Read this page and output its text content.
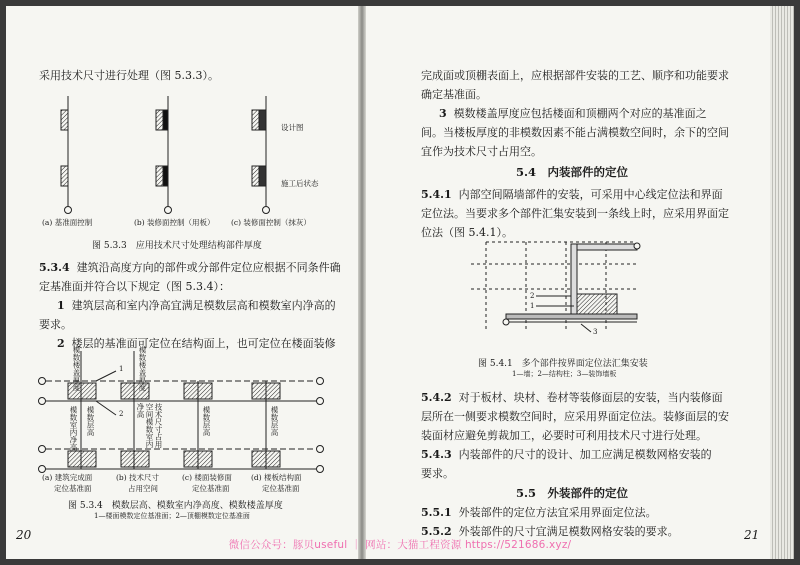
采用技术尺寸进行处理（图 5.3.3）。
设计图
施工后状态
(a) 基准面控制	(b) 装修面控制（用板） (c) 装修面控制（抹灰）
图 5.3.3　应用技术尺寸处理结构部件厚度
5.3.4 建筑沿高度方向的部件或分部件定位应根据不同条件确
定基准面并符合以下规定（图 5.3.4）：
1 建筑层高和室内净高宜满足模数层高和模数室内净高的
要求。
2 楼层的基准面可定位在结构面上，也可定位在楼面装修
模数楼盖厚度	模数楼盖厚度
模数室内净高 模数层高	技术尺寸占用空间模数室内净高	模数层高	模数层高
1
2
(a) 建筑完成面
定位基准面
(b) 技术尺寸
占用空间
(c) 楼面装修面
定位基准面
(d) 楼板结构面
定位基准面
图 5.3.4　模数层高、模数室内净高度、模数楼盖厚度
1—楼面模数定位基准面；2—顶棚模数定位基准面
20
完成面或顶棚表面上，应根据部件安装的工艺、顺序和功能要求
确定基准面。
3 模数楼盖厚度应包括楼面和顶棚两个对应的基准面之
间。当楼板厚度的非模数因素不能占满模数空间时，余下的空间
宜作为技术尺寸占用空。
5.4　内装部件的定位
5.4.1 内部空间隔墙部件的安装，可采用中心线定位法和界面
定位法。当要求多个部件汇集安装到一条线上时，应采用界面定
位法（图 5.4.1）。
2
1
3
图 5.4.1　多个部件按界面定位法汇集安装
1—墙；2—结构柱；3—装饰墙板
5.4.2 对于板材、块材、卷材等装修面层的安装，当内装修面
层所在一侧要求模数空间时，应采用界面定位法。装修面层的安
装面材应避免剪裁加工，必要时可利用技术尺寸进行处理。
5.4.3 内装部件的尺寸的设计、加工应满足模数网格安装的
要求。
5.5　外装部件的定位
5.5.1 外装部件的定位方法宜采用界面定位法。
5.5.2 外装部件的尺寸宜满足模数网格安装的要求。	21
微信公众号：豚贝useful ｜ 网站：大猫工程资源 https://521686.xyz/
